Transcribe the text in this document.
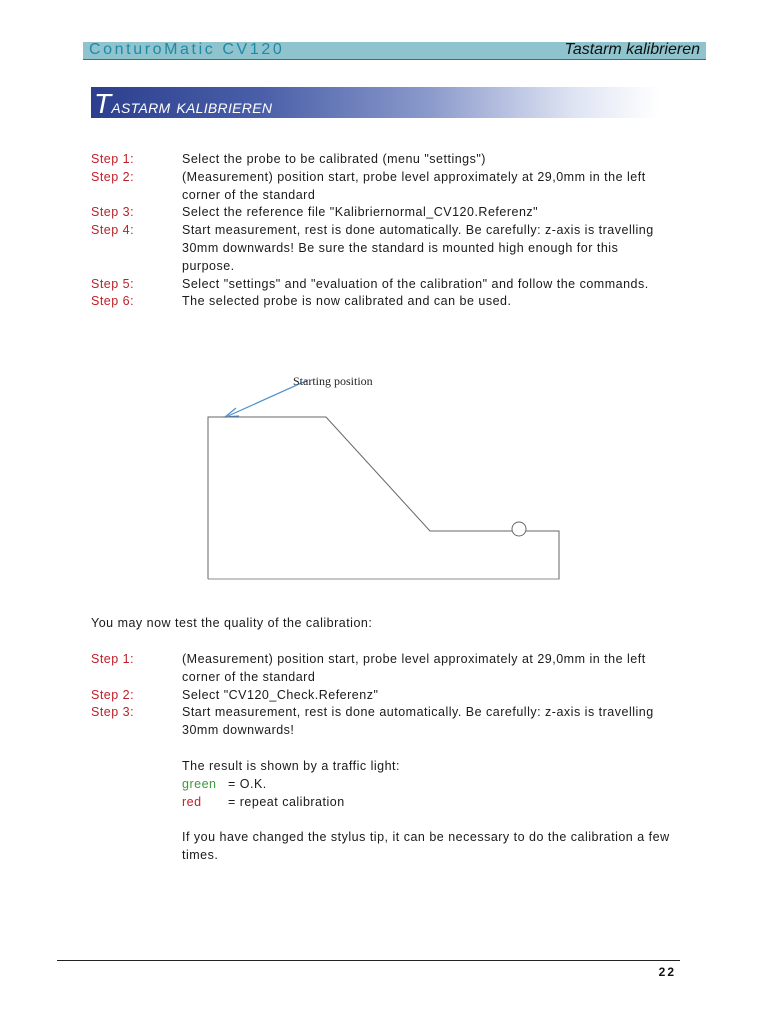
ConturoMatic CV120	Tastarm kalibrieren
Tastarm kalibrieren
Step 1:	Select the probe to be calibrated (menu "settings")
Step 2:	(Measurement) position start, probe level approximately at 29,0mm in the left
corner of the standard
Step 3:	Select the reference file "Kalibriernormal_CV120.Referenz"
Step 4:	Start measurement, rest is done automatically. Be carefully: z-axis is travelling
30mm downwards! Be sure the standard is mounted high enough for this
purpose.
Step 5:	Select "settings" and "evaluation of the calibration" and follow the commands.
Step 6:	The selected probe is now calibrated and can be used.
Starting position
You may now test the quality of the calibration:
Step 1:	(Measurement) position start, probe level approximately at 29,0mm in the left
corner of the standard
Step 2:	Select "CV120_Check.Referenz"
Step 3:	Start measurement, rest is done automatically. Be carefully: z-axis is travelling
30mm downwards!
The result is shown by a traffic light:
green = O.K.
red	= repeat calibration
If you have changed the stylus tip, it can be necessary to do the calibration a few
times.
22
